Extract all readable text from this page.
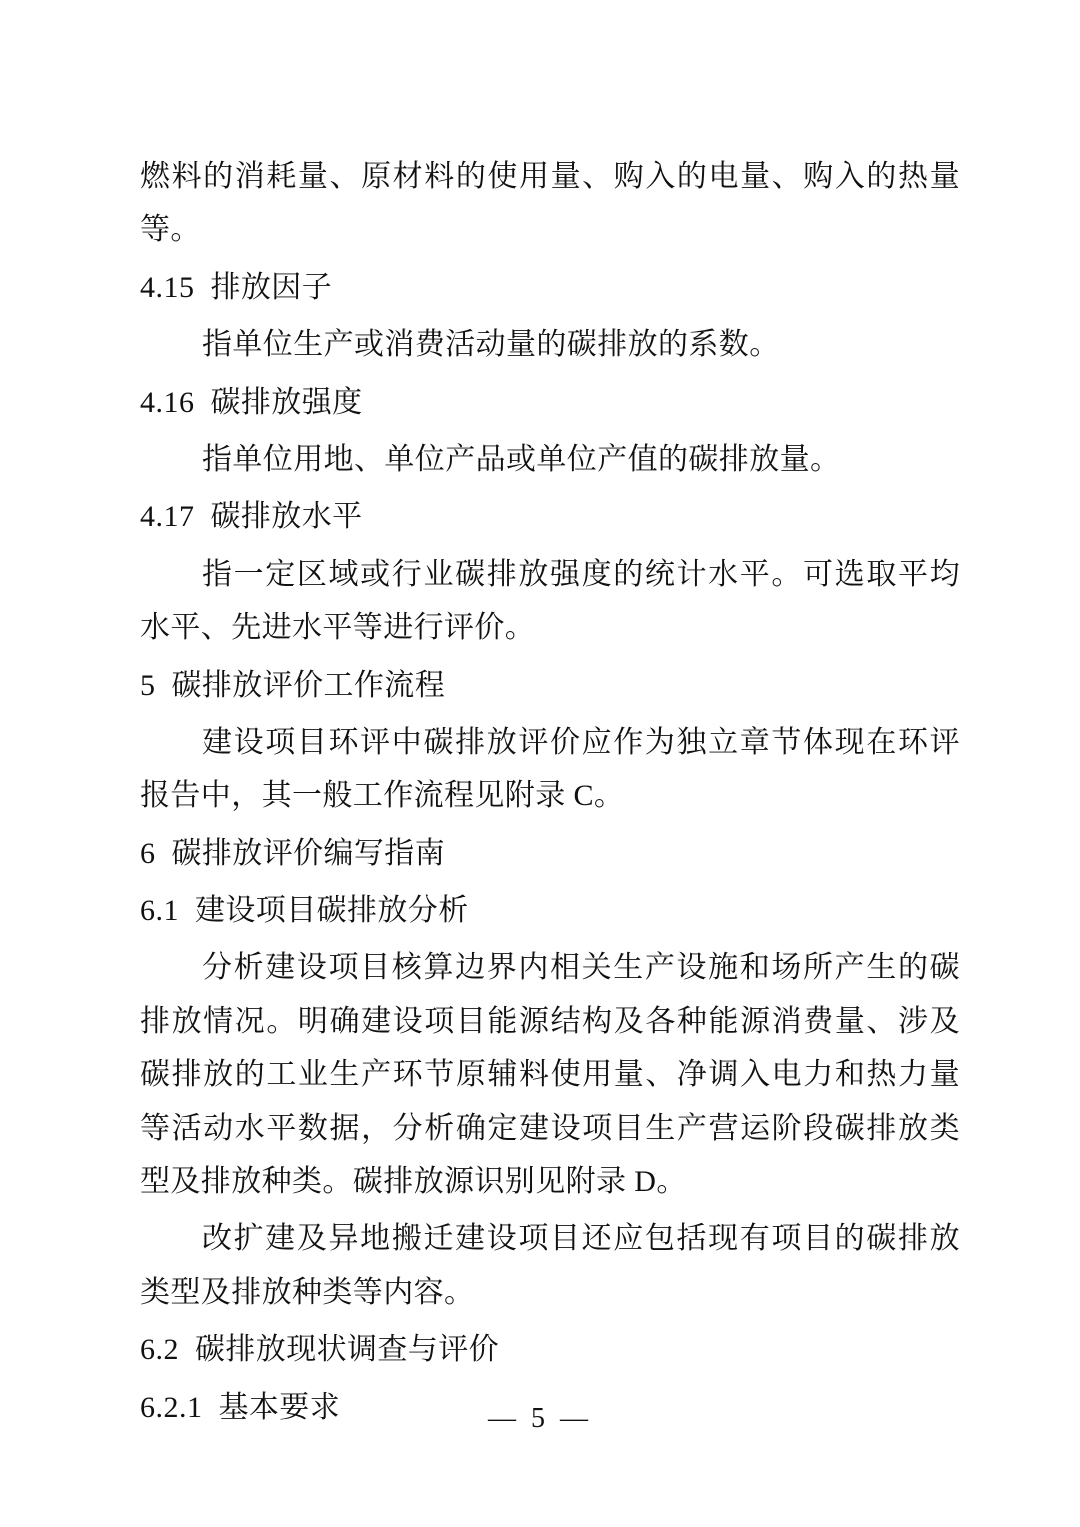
燃料的消耗量、原材料的使用量、购入的电量、购入的热量等。

4.15 排放因子

指单位生产或消费活动量的碳排放的系数。

4.16 碳排放强度

指单位用地、单位产品或单位产值的碳排放量。

4.17 碳排放水平

指一定区域或行业碳排放强度的统计水平。可选取平均水平、先进水平等进行评价。

5 碳排放评价工作流程

建设项目环评中碳排放评价应作为独立章节体现在环评报告中，其一般工作流程见附录 C。

6 碳排放评价编写指南

6.1 建设项目碳排放分析

分析建设项目核算边界内相关生产设施和场所产生的碳排放情况。明确建设项目能源结构及各种能源消费量、涉及碳排放的工业生产环节原辅料使用量、净调入电力和热力量等活动水平数据，分析确定建设项目生产营运阶段碳排放类型及排放种类。碳排放源识别见附录 D。

改扩建及异地搬迁建设项目还应包括现有项目的碳排放类型及排放种类等内容。

6.2 碳排放现状调查与评价

6.2.1 基本要求	— 5 —
